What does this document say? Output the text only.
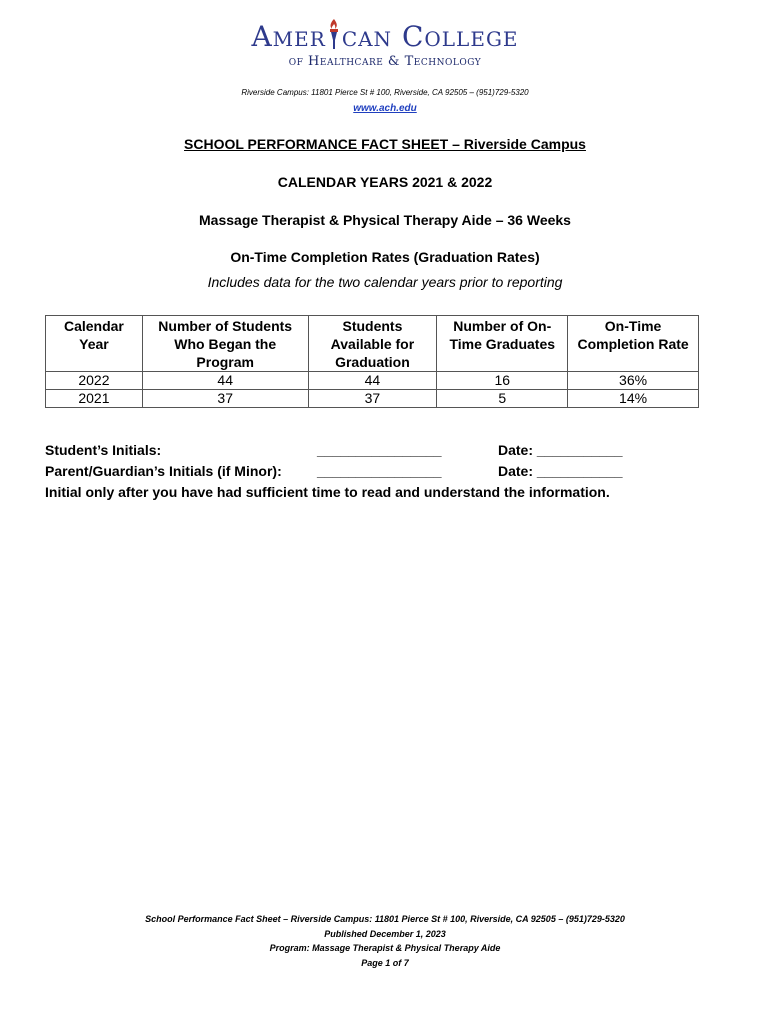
Amer can College
of Healthcare & Technology
Riverside Campus: 11801 Pierce St # 100, Riverside, CA 92505 – (951)729-5320
www.ach.edu
SCHOOL PERFORMANCE FACT SHEET – Riverside Campus
CALENDAR YEARS 2021 & 2022
Massage Therapist & Physical Therapy Aide – 36 Weeks
On-Time Completion Rates (Graduation Rates)
Includes data for the two calendar years prior to reporting
Calendar Year	Number of Students Who Began the Program	Students Available for Graduation	Number of On-Time Graduates	On-Time Completion Rate
2022	44	44	16	36%
2021	37	37	5	14%
Student’s Initials:	________________	Date: ___________
Parent/Guardian’s Initials (if Minor):	________________	Date: ___________
Initial only after you have had sufficient time to read and understand the information.
School Performance Fact Sheet – Riverside Campus: 11801 Pierce St # 100, Riverside, CA 92505 – (951)729-5320
Published December 1, 2023
Program: Massage Therapist & Physical Therapy Aide
Page 1 of 7
